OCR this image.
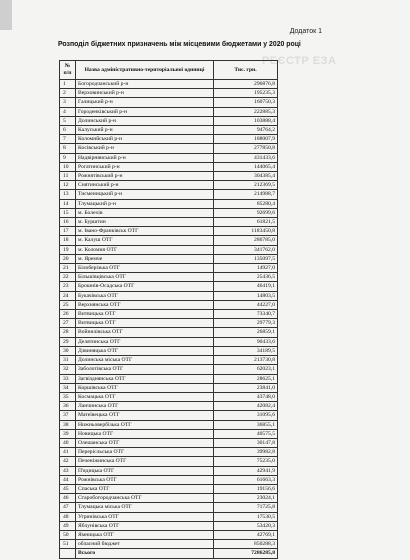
Додаток 1
Розподіл біджетних призначень між місцевими бюджетами у 2020 році
РЕЄСТР ЕЗА
№ п/п	Назва адміністративно-територіальної одиниці	Тис. грн.
1	Богородчанський р-н	296876,8
2	Верховинський р-н	195235,3
3	Галицький р-н	160750,3
4	Городенківський р-н	222885,3
5	Долинський р-н	103888,4
6	Калуський р-н	94764,2
7	Коломийський р-н	188007,9
8	Косівський р-н	277850,8
9	Надвірнянський р-н	431433,6
10	Рогатинський р-н	144065,4
11	Рожнятівський р-н	304385,4
12	Снятинський р-н	212369,5
13	Тисменицький р-н	214988,7
14	Тлумацький р-н	85280,4
15	м. Болехів	92699,6
16	м. Бурштин	61821,5
17	м. Івано-Франківськ ОТГ	1183450,8
18	м. Калуш ОТГ	286785,0
19	м. Коломия ОТГ	341762,0
20	м. Яремче	135097,5
21	Білоберізька ОТГ	14927,0
22	Більшівцівська ОТГ	25436,5
23	Брошнів-Осадська ОТГ	46419,1
24	Букачівська ОТГ	14803,5
25	Верхнянська ОТГ	44227,0
26	Витвицька ОТГ	73340,7
27	Витвицька ОТГ	29779,3
28	Войнилівська ОТГ	26859,1
29	Делятинська ОТГ	90433,6
30	Дзвиняцька ОТГ	34189,5
31	Долинська міська ОТГ	213730,8
32	Заболотівська ОТГ	62023,1
33	Загвізднянська ОТГ	28625,1
34	Коршівська ОТГ	23841,0
35	Космацька ОТГ	43748,0
36	Ланчинська ОТГ	42082,4
37	Матеївецька ОТГ	31095,6
38	Нижньовербізька ОТГ	36855,1
39	Новицька ОТГ	40575,5
40	Олешанська ОТГ	30147,8
41	Перерісльська ОТГ	39982,8
42	Печеніжинська ОТГ	75235,0
43	П'ядицька ОТГ	42941,9
44	Рожнівська ОТГ	61663,3
45	Спаська ОТГ	19156,6
46	Старобогородчанська ОТГ	23024,1
47	Тлумацька міська ОТГ	71725,8
48	Угринівська ОТГ	17530,5
49	Яблунівська ОТГ	53420,3
50	Ямницька ОТГ	42769,1
51	обласний бюджет	850288,3
	Всього	7286285,8
